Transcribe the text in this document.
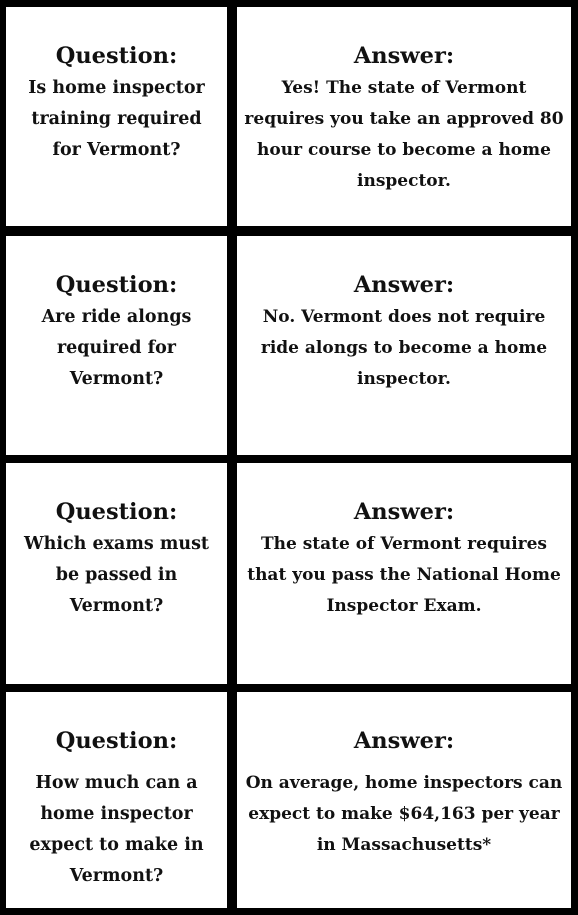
Question:
Is home inspector training required for Vermont?
Answer:
Yes! The state of Vermont requires you take an approved 80 hour course to become a home inspector.
Question:
Are ride alongs required for Vermont?
Answer:
No. Vermont does not require ride alongs to become a home inspector.
Question:
Which exams must be passed in Vermont?
Answer:
The state of Vermont requires that you pass the National Home Inspector Exam.
Question:
How much can a home inspector expect to make in Vermont?
Answer:
On average, home inspectors can expect to make $64,163 per year in Massachusetts*
